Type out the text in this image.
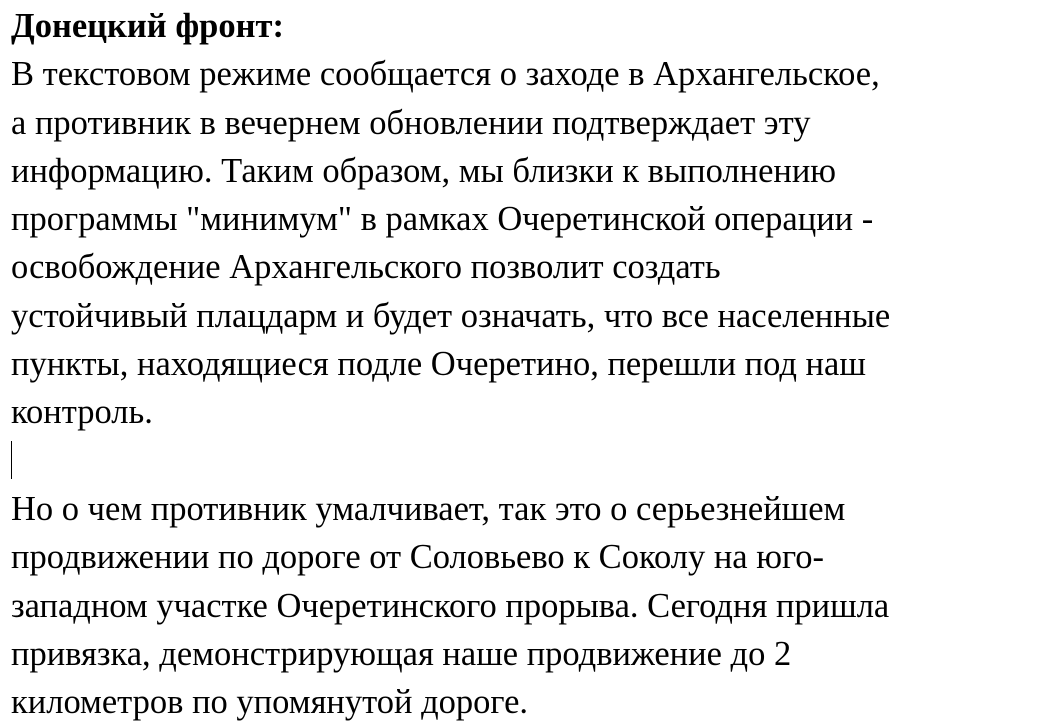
Донецкий фронт:
В текстовом режиме сообщается о заходе в Архангельское,
а противник в вечернем обновлении подтверждает эту
информацию. Таким образом, мы близки к выполнению
программы "минимум" в рамках Очеретинской операции -
освобождение Архангельского позволит создать
устойчивый плацдарм и будет означать, что все населенные
пункты, находящиеся подле Очеретино, перешли под наш
контроль.
Но о чем противник умалчивает, так это о серьезнейшем
продвижении по дороге от Соловьево к Соколу на юго-
западном участке Очеретинского прорыва. Сегодня пришла
привязка, демонстрирующая наше продвижение до 2
километров по упомянутой дороге.
